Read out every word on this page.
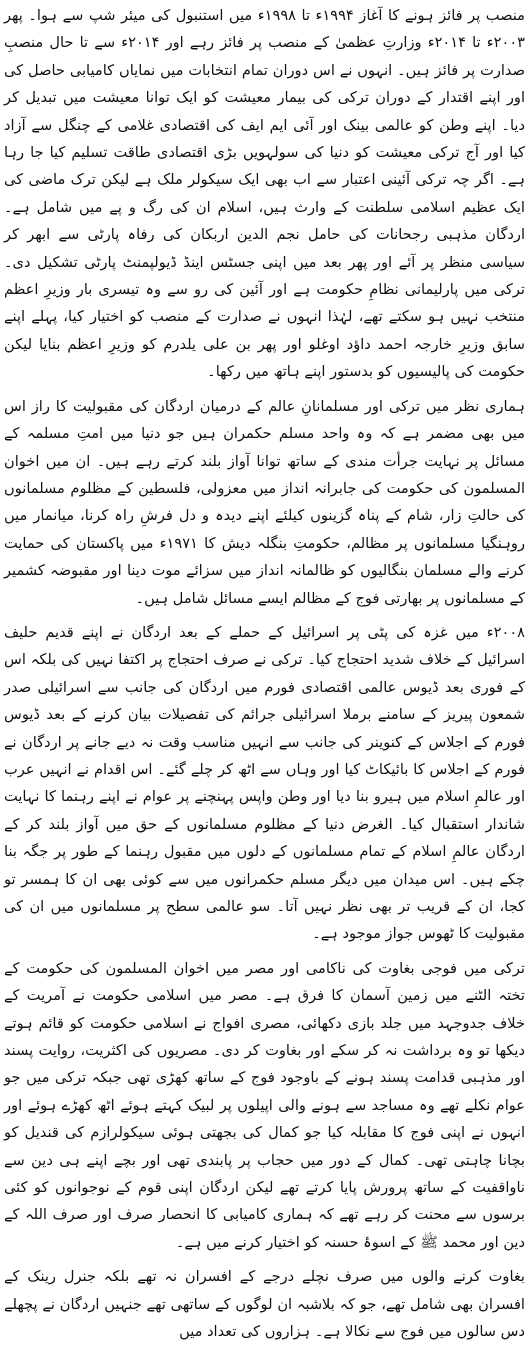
منصب پر فائز ہونے کا آغاز ۱۹۹۴ء تا ۱۹۹۸ء میں استنبول کی میئر شپ سے ہوا۔ پھر ۲۰۰۳ء تا ۲۰۱۴ء وزارتِ عظمیٰ کے منصب پر فائز رہے اور ۲۰۱۴ء سے تا حال منصبِ صدارت پر فائز ہیں۔ انہوں نے اس دوران تمام انتخابات میں نمایاں کامیابی حاصل کی اور اپنے اقتدار کے دوران ترکی کی بیمار معیشت کو ایک توانا معیشت میں تبدیل کر دیا۔ اپنے وطن کو عالمی بینک اور آئی ایم ایف کی اقتصادی غلامی کے چنگل سے آزاد کیا اور آج ترکی معیشت کو دنیا کی سولہویں بڑی اقتصادی طاقت تسلیم کیا جا رہا ہے۔ اگر چہ ترکی آئینی اعتبار سے اب بھی ایک سیکولر ملک ہے لیکن ترک ماضی کی ایک عظیم اسلامی سلطنت کے وارث ہیں، اسلام ان کی رگ و پے میں شامل ہے۔ اردگان مذہبی رجحانات کی حامل نجم الدین اربکان کی رفاہ پارٹی سے ابھر کر سیاسی منظر پر آئے اور پھر بعد میں اپنی جسٹس اینڈ ڈیولپمنٹ پارٹی تشکیل دی۔ ترکی میں پارلیمانی نظامِ حکومت ہے اور آئین کی رو سے وہ تیسری بار وزیرِ اعظم منتخب نہیں ہو سکتے تھے، لہٰذا انہوں نے صدارت کے منصب کو اختیار کیا، پہلے اپنے سابق وزیرِ خارجہ احمد داؤد اوغلو اور پھر بن علی یلدرم کو وزیرِ اعظم بنایا لیکن حکومت کی پالیسیوں کو بدستور اپنے ہاتھ میں رکھا۔

ہماری نظر میں ترکی اور مسلمانانِ عالم کے درمیان اردگان کی مقبولیت کا راز اس میں بھی مضمر ہے کہ وہ واحد مسلم حکمران ہیں جو دنیا میں امتِ مسلمہ کے مسائل پر نہایت جرأت مندی کے ساتھ توانا آواز بلند کرتے رہے ہیں۔ ان میں اخوان المسلمون کی حکومت کی جابرانہ انداز میں معزولی، فلسطین کے مظلوم مسلمانوں کی حالتِ زار، شام کے پناہ گزینوں کیلئے اپنے دیدہ و دل فرشِ راہ کرنا، میانمار میں روہنگیا مسلمانوں پر مظالم، حکومتِ بنگلہ دیش کا ۱۹۷۱ء میں پاکستان کی حمایت کرنے والے مسلمان بنگالیوں کو ظالمانہ انداز میں سزائے موت دینا اور مقبوضہ کشمیر کے مسلمانوں پر بھارتی فوج کے مظالم ایسے مسائل شامل ہیں۔

۲۰۰۸ء میں غزہ کی پٹی پر اسرائیل کے حملے کے بعد اردگان نے اپنے قدیم حلیف اسرائیل کے خلاف شدید احتجاج کیا۔ ترکی نے صرف احتجاج پر اکتفا نہیں کی بلکہ اس کے فوری بعد ڈیوس عالمی اقتصادی فورم میں اردگان کی جانب سے اسرائیلی صدر شمعون پیریز کے سامنے برملا اسرائیلی جرائم کی تفصیلات بیان کرنے کے بعد ڈیوس فورم کے اجلاس کے کنوینر کی جانب سے انہیں مناسب وقت نہ دیے جانے پر اردگان نے فورم کے اجلاس کا بائیکاٹ کیا اور وہاں سے اٹھ کر چلے گئے۔ اس اقدام نے انہیں عرب اور عالمِ اسلام میں ہیرو بنا دیا اور وطن واپس پہنچنے پر عوام نے اپنے رہنما کا نہایت شاندار استقبال کیا۔ الغرض دنیا کے مظلوم مسلمانوں کے حق میں آواز بلند کر کے اردگان عالمِ اسلام کے تمام مسلمانوں کے دلوں میں مقبول رہنما کے طور پر جگہ بنا چکے ہیں۔ اس میدان میں دیگر مسلم حکمرانوں میں سے کوئی بھی ان کا ہمسر تو کجا، ان کے قریب تر بھی نظر نہیں آتا۔ سو عالمی سطح پر مسلمانوں میں ان کی مقبولیت کا ٹھوس جواز موجود ہے۔

ترکی میں فوجی بغاوت کی ناکامی اور مصر میں اخوان المسلمون کی حکومت کے تختہ الٹنے میں زمین آسمان کا فرق ہے۔ مصر میں اسلامی حکومت نے آمریت کے خلاف جدوجہد میں جلد بازی دکھائی، مصری افواج نے اسلامی حکومت کو قائم ہوتے دیکھا تو وہ برداشت نہ کر سکے اور بغاوت کر دی۔ مصریوں کی اکثریت، روایت پسند اور مذہبی قدامت پسند ہونے کے باوجود فوج کے ساتھ کھڑی تھی جبکہ ترکی میں جو عوام نکلے تھے وہ مساجد سے ہونے والی اپیلوں پر لبیک کہتے ہوئے اٹھ کھڑے ہوئے اور انہوں نے اپنی فوج کا مقابلہ کیا جو کمال کی بجھتی ہوئی سیکولرازم کی قندیل کو بچانا چاہتی تھی۔ کمال کے دور میں حجاب پر پابندی تھی اور بچے اپنے ہی دین سے ناواقفیت کے ساتھ پرورش پایا کرتے تھے لیکن اردگان اپنی قوم کے نوجوانوں کو کئی برسوں سے محنت کر رہے تھے کہ ہماری کامیابی کا انحصار صرف اور صرف اللہ کے دین اور محمد ﷺ کے اسوۂ حسنہ کو اختیار کرنے میں ہے۔

بغاوت کرنے والوں میں صرف نچلے درجے کے افسران نہ تھے بلکہ جنرل رینک کے افسران بھی شامل تھے، جو کہ بلاشبہ ان لوگوں کے ساتھی تھے جنہیں اردگان نے پچھلے دس سالوں میں فوج سے نکالا ہے۔ ہزاروں کی تعداد میں
